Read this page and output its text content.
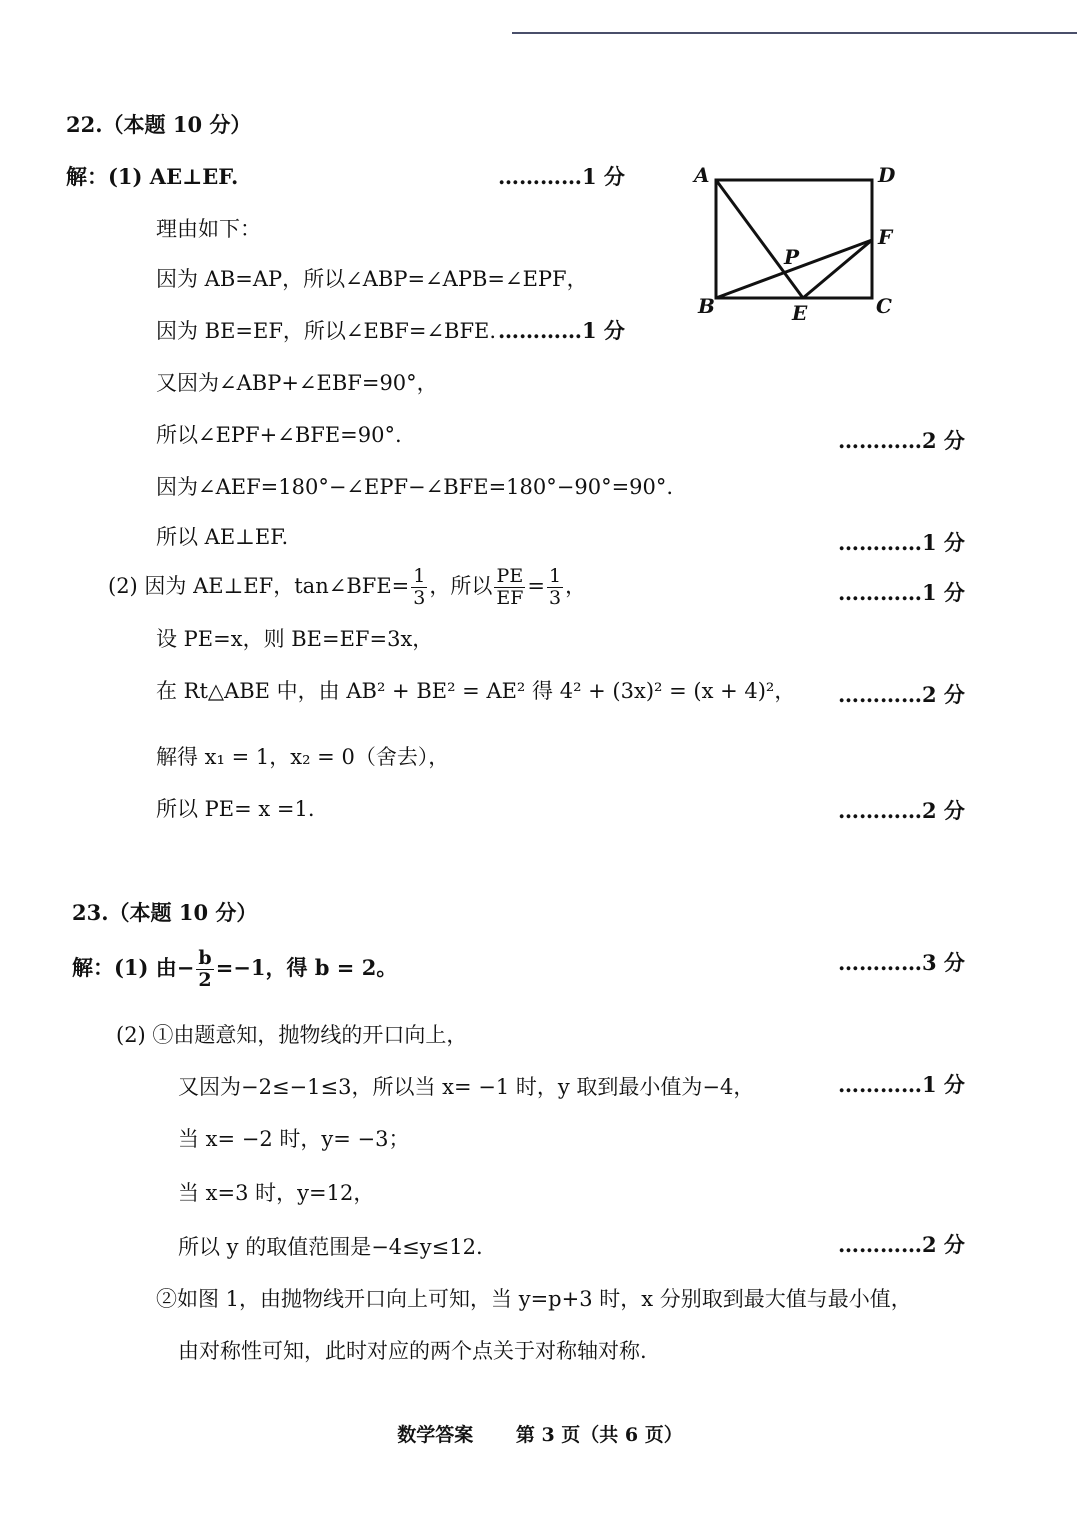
22.（本题 10 分）
解：(1) AE⊥EF.	…………1 分
理由如下：
因为 AB=AP，所以∠ABP=∠APB=∠EPF，
因为 BE=EF，所以∠EBF=∠BFE. …………1 分
又因为∠ABP+∠EBF=90°，
所以∠EPF+∠BFE=90°.	…………2 分
因为∠AEF=180°−∠EPF−∠BFE=180°−90°=90°.
所以 AE⊥EF.	…………1 分
(2) 因为 AE⊥EF，tan∠BFE= $\frac{1}{3}$ ，所以 $\frac{PE}{EF} = \frac{1}{3}$ ，	…………1 分
设 PE=x，则 BE=EF=3x，
在 Rt△ABE 中，由 AB² + BE² = AE² 得 4² + (3x)² = (x + 4)²， …………2 分
解得 x₁ = 1，x₂ = 0（舍去），
所以 PE= x =1.	…………2 分
A	D
B	C
E
F
P
23.（本题 10 分）
解：(1) 由− $\frac{b}{2} =-1$，得 b = 2。	…………3 分
(2) ①由题意知，抛物线的开口向上，
又因为−2≤−1≤3，所以当 x= −1 时，y 取到最小值为−4，	…………1 分
当 x= −2 时，y= −3；
当 x=3 时，y=12，
所以 y 的取值范围是−4≤y≤12.	…………2 分
②如图 1，由抛物线开口向上可知，当 y=p+3 时，x 分别取到最大值与最小值，
由对称性可知，此时对应的两个点关于对称轴对称.
数学答案 第 3 页（共 6 页）
